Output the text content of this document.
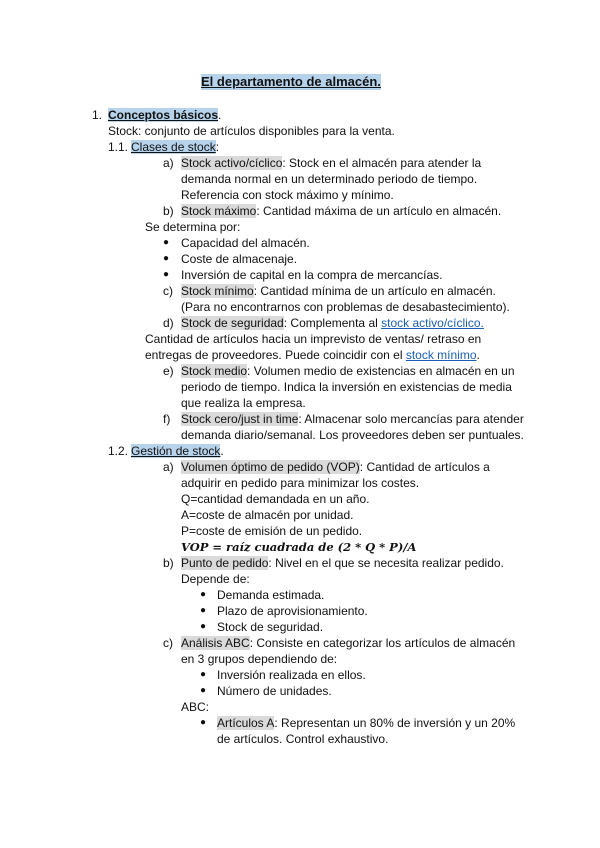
El departamento de almacén.
1. Conceptos básicos.
Stock: conjunto de artículos disponibles para la venta.
1.1. Clases de stock:
a) Stock activo/cíclico: Stock en el almacén para atender la
demanda normal en un determinado periodo de tiempo.
Referencia con stock máximo y mínimo.
b) Stock máximo: Cantidad máxima de un artículo en almacén.
Se determina por:
● Capacidad del almacén.
● Coste de almacenaje.
● Inversión de capital en la compra de mercancías.
c) Stock mínimo: Cantidad mínima de un artículo en almacén.
(Para no encontrarnos con problemas de desabastecimiento).
d) Stock de seguridad: Complementa al stock activo/cíclico.
Cantidad de artículos hacia un imprevisto de ventas/ retraso en
entregas de proveedores. Puede coincidir con el stock mínimo.
e) Stock medio: Volumen medio de existencias en almacén en un
periodo de tiempo. Indica la inversión en existencias de media
que realiza la empresa.
f) Stock cero/just in time: Almacenar solo mercancías para atender
demanda diario/semanal. Los proveedores deben ser puntuales.
1.2. Gestión de stock.
a) Volumen óptimo de pedido (VOP): Cantidad de artículos a
adquirir en pedido para minimizar los costes.
Q=cantidad demandada en un año.
A=coste de almacén por unidad.
P=coste de emisión de un pedido.
VOP = raíz cuadrada de (2 * Q * P)/A
b) Punto de pedido: Nivel en el que se necesita realizar pedido.
Depende de:
● Demanda estimada.
● Plazo de aprovisionamiento.
● Stock de seguridad.
c) Análisis ABC: Consiste en categorizar los artículos de almacén
en 3 grupos dependiendo de:
● Inversión realizada en ellos.
● Número de unidades.
ABC:
● Artículos A: Representan un 80% de inversión y un 20%
de artículos. Control exhaustivo.
